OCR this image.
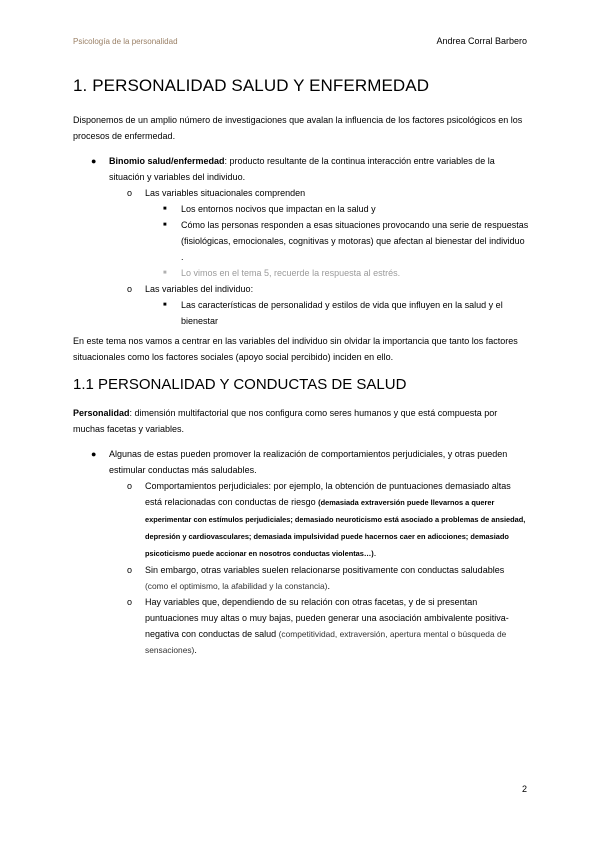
Psicología de la personalidad	Andrea Corral Barbero
1. PERSONALIDAD SALUD Y ENFERMEDAD

Disponemos de un amplio número de investigaciones que avalan la influencia de los factores psicológicos en los procesos de enfermedad.

● Binomio salud/enfermedad: producto resultante de la continua interacción entre variables de la situación y variables del individuo.
o Las variables situacionales comprenden
■ Los entornos nocivos que impactan en la salud y
■ Cómo las personas responden a esas situaciones provocando una serie de respuestas (fisiológicas, emocionales, cognitivas y motoras) que afectan al bienestar del individuo .
■ Lo vimos en el tema 5, recuerde la respuesta al estrés.
o Las variables del individuo:
■ Las características de personalidad y estilos de vida que influyen en la salud y el bienestar

En este tema nos vamos a centrar en las variables del individuo sin olvidar la importancia que tanto los factores situacionales como los factores sociales (apoyo social percibido) inciden en ello.

1.1 PERSONALIDAD Y CONDUCTAS DE SALUD

Personalidad: dimensión multifactorial que nos configura como seres humanos y que está compuesta por muchas facetas y variables.

● Algunas de estas pueden promover la realización de comportamientos perjudiciales, y otras pueden estimular conductas más saludables.
o Comportamientos perjudiciales: por ejemplo, la obtención de puntuaciones demasiado altas está relacionadas con conductas de riesgo (demasiada extraversión puede llevarnos a querer experimentar con estímulos perjudiciales; demasiado neuroticismo está asociado a problemas de ansiedad, depresión y cardiovasculares; demasiada impulsividad puede hacernos caer en adicciones; demasiado psicoticismo puede accionar en nosotros conductas violentas…).
o Sin embargo, otras variables suelen relacionarse positivamente con conductas saludables (como el optimismo, la afabilidad y la constancia).
o Hay variables que, dependiendo de su relación con otras facetas, y de si presentan puntuaciones muy altas o muy bajas, pueden generar una asociación ambivalente positiva-negativa con conductas de salud (competitividad, extraversión, apertura mental o búsqueda de sensaciones).
2
